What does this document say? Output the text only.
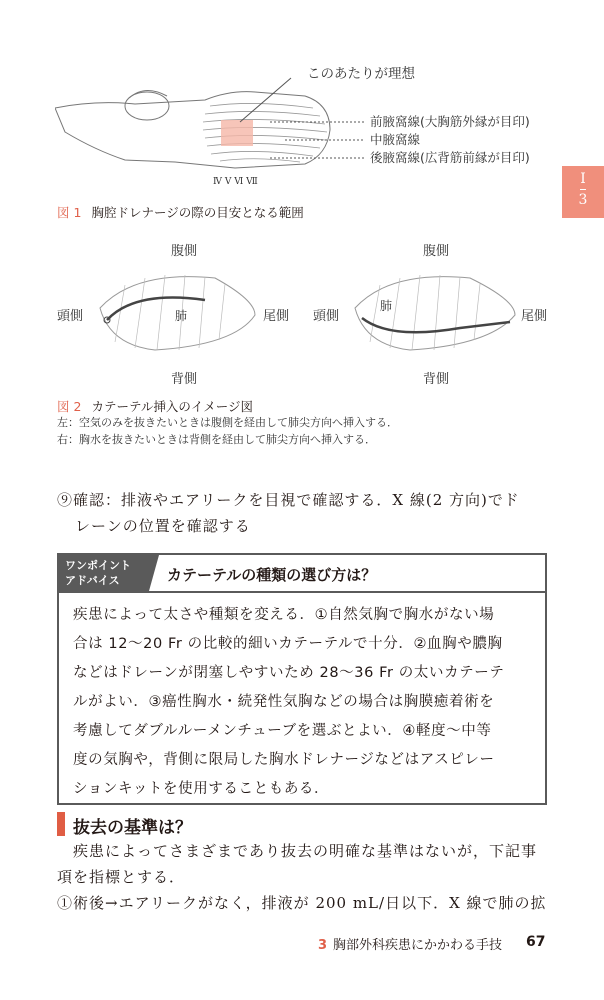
このあたりが理想
前腋窩線(大胸筋外縁が目印)
中腋窩線
後腋窩線(広背筋前縁が目印)
Ⅳ Ⅴ Ⅵ Ⅶ
図 1 胸腔ドレナージの際の目安となる範囲
Ⅰ
3
腹側
頭側	尾側
背側
肺
腹側
頭側	尾側
背側
肺
図 2 カテーテル挿入のイメージ図
左：空気のみを抜きたいときは腹側を経由して肺尖方向へ挿入する．
右：胸水を抜きたいときは背側を経由して肺尖方向へ挿入する．
⑨確認：排液やエアリークを目視で確認する．X 線(2 方向)でド
レーンの位置を確認する
ワンポイント
アドバイス	カテーテルの種類の選び方は？
疾患によって太さや種類を変える．①自然気胸で胸水がない場
合は 12〜20 Fr の比較的細いカテーテルで十分．②血胸や膿胸
などはドレーンが閉塞しやすいため 28〜36 Fr の太いカテーテ
ルがよい．③癌性胸水・続発性気胸などの場合は胸膜癒着術を
考慮してダブルルーメンチューブを選ぶとよい．④軽度〜中等
度の気胸や，背側に限局した胸水ドレナージなどはアスピレー
ションキットを使用することもある．
抜去の基準は？
疾患によってさまざまであり抜去の明確な基準はないが，下記事
項を指標とする．
①術後→エアリークがなく，排液が 200 mL/日以下．X 線で肺の拡
3 胸部外科疾患にかかわる手技 67
